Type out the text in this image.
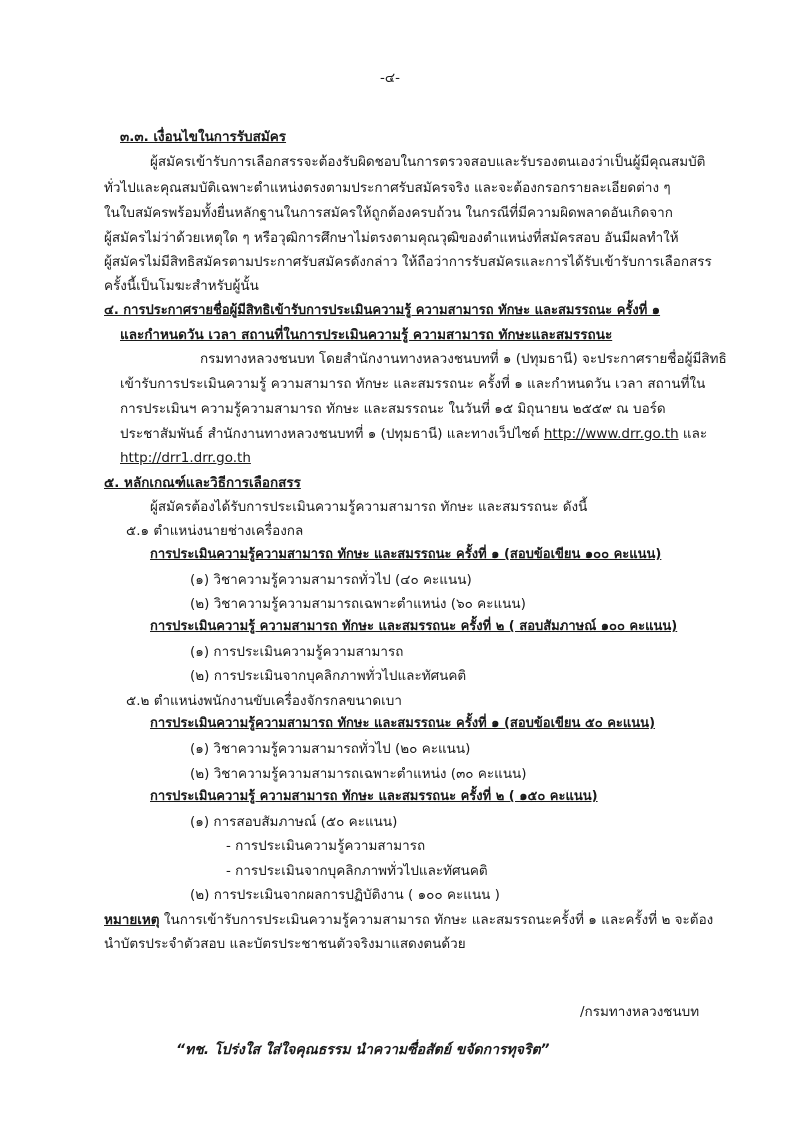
-๔-
๓.๓. เงื่อนไขในการรับสมัคร
ผู้สมัครเข้ารับการเลือกสรรจะต้องรับผิดชอบในการตรวจสอบและรับรองตนเองว่าเป็นผู้มีคุณสมบัติ
ทั่วไปและคุณสมบัติเฉพาะตำแหน่งตรงตามประกาศรับสมัครจริง และจะต้องกรอกรายละเอียดต่าง ๆ
ในใบสมัครพร้อมทั้งยื่นหลักฐานในการสมัครให้ถูกต้องครบถ้วน ในกรณีที่มีความผิดพลาดอันเกิดจาก
ผู้สมัครไม่ว่าด้วยเหตุใด ๆ หรือวุฒิการศึกษาไม่ตรงตามคุณวุฒิของตำแหน่งที่สมัครสอบ อันมีผลทำให้
ผู้สมัครไม่มีสิทธิสมัครตามประกาศรับสมัครดังกล่าว ให้ถือว่าการรับสมัครและการได้รับเข้ารับการเลือกสรร
ครั้งนี้เป็นโมฆะสำหรับผู้นั้น
๔. การประกาศรายชื่อผู้มีสิทธิเข้ารับการประเมินความรู้ ความสามารถ ทักษะ และสมรรถนะ ครั้งที่ ๑
และกำหนดวัน เวลา สถานที่ในการประเมินความรู้ ความสามารถ ทักษะและสมรรถนะ
กรมทางหลวงชนบท โดยสำนักงานทางหลวงชนบทที่ ๑ (ปทุมธานี) จะประกาศรายชื่อผู้มีสิทธิ
เข้ารับการประเมินความรู้ ความสามารถ ทักษะ และสมรรถนะ ครั้งที่ ๑ และกำหนดวัน เวลา สถานที่ใน
การประเมินฯ ความรู้ความสามารถ ทักษะ และสมรรถนะ ในวันที่ ๑๕ มิถุนายน ๒๕๕๙ ณ บอร์ด
ประชาสัมพันธ์ สำนักงานทางหลวงชนบทที่ ๑ (ปทุมธานี) และทางเว็ปไซต์ http://www.drr.go.th และ
http://drr1.drr.go.th
๕. หลักเกณฑ์และวิธีการเลือกสรร
ผู้สมัครต้องได้รับการประเมินความรู้ความสามารถ ทักษะ และสมรรถนะ ดังนี้
๕.๑ ตำแหน่งนายช่างเครื่องกล
การประเมินความรู้ความสามารถ ทักษะ และสมรรถนะ ครั้งที่ ๑ (สอบข้อเขียน ๑๐๐ คะแนน)
(๑) วิชาความรู้ความสามารถทั่วไป (๔๐ คะแนน)
(๒) วิชาความรู้ความสามารถเฉพาะตำแหน่ง (๖๐ คะแนน)
การประเมินความรู้ ความสามารถ ทักษะ และสมรรถนะ ครั้งที่ ๒ ( สอบสัมภาษณ์ ๑๐๐ คะแนน)
(๑) การประเมินความรู้ความสามารถ
(๒) การประเมินจากบุคลิกภาพทั่วไปและทัศนคติ
๕.๒ ตำแหน่งพนักงานขับเครื่องจักรกลขนาดเบา
การประเมินความรู้ความสามารถ ทักษะ และสมรรถนะ ครั้งที่ ๑ (สอบข้อเขียน ๕๐ คะแนน)
(๑) วิชาความรู้ความสามารถทั่วไป (๒๐ คะแนน)
(๒) วิชาความรู้ความสามารถเฉพาะตำแหน่ง (๓๐ คะแนน)
การประเมินความรู้ ความสามารถ ทักษะ และสมรรถนะ ครั้งที่ ๒ ( ๑๕๐ คะแนน)
(๑) การสอบสัมภาษณ์ (๕๐ คะแนน)
- การประเมินความรู้ความสามารถ
- การประเมินจากบุคลิกภาพทั่วไปและทัศนคติ
(๒) การประเมินจากผลการปฏิบัติงาน ( ๑๐๐ คะแนน )
หมายเหตุ ในการเข้ารับการประเมินความรู้ความสามารถ ทักษะ และสมรรถนะครั้งที่ ๑ และครั้งที่ ๒ จะต้อง
นำบัตรประจำตัวสอบ และบัตรประชาชนตัวจริงมาแสดงตนด้วย
/กรมทางหลวงชนบท
“ทช. โปร่งใส ใส่ใจคุณธรรม นำความซื่อสัตย์ ขจัดการทุจริต”
